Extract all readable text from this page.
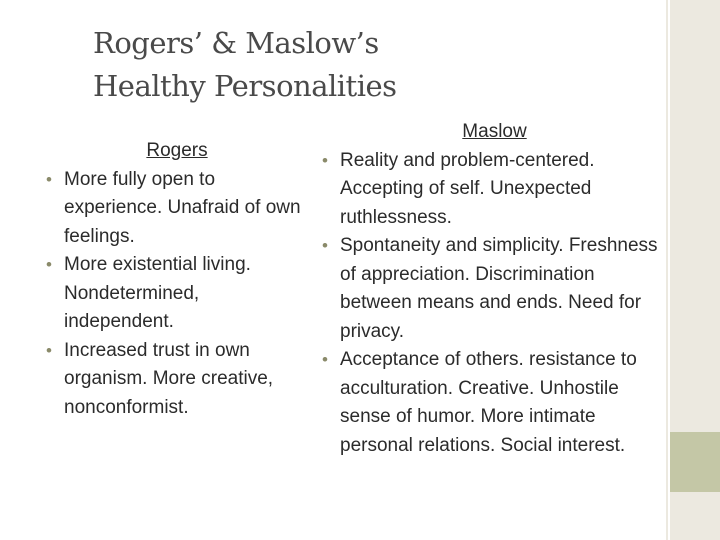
Rogers’ & Maslow’s
Healthy Personalities

Rogers

• More fully open to experience. Unafraid of own feelings.
• More existential living. Nondetermined, independent.
• Increased trust in own organism. More creative, nonconformist.

Maslow

• Reality and problem-centered. Accepting of self. Unexpected ruthlessness.
• Spontaneity and simplicity. Freshness of appreciation. Discrimination between means and ends. Need for privacy.
• Acceptance of others. resistance to acculturation. Creative. Unhostile sense of humor. More intimate personal relations. Social interest.
